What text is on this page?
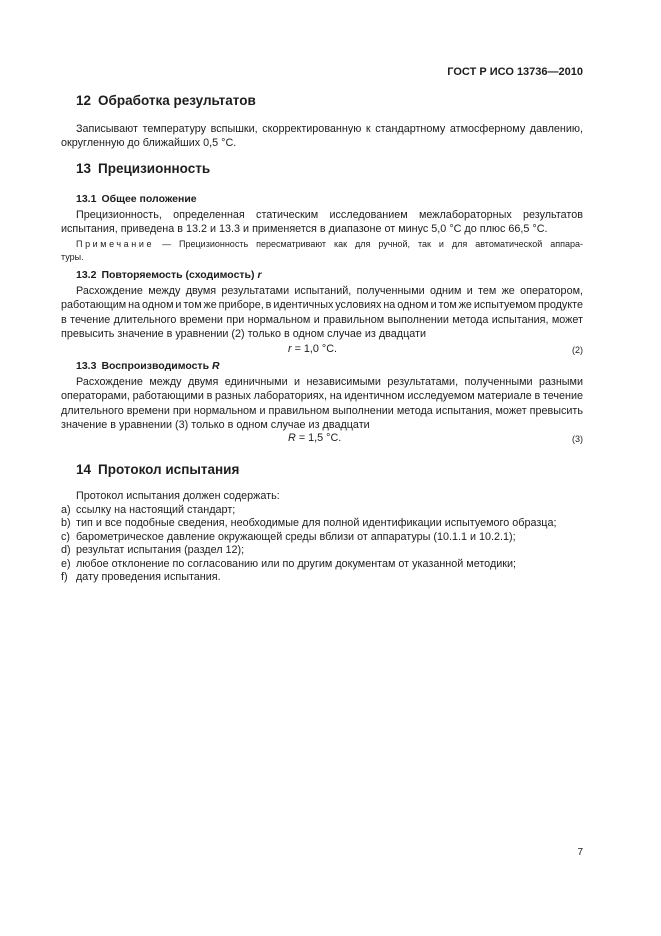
ГОСТ Р ИСО 13736—2010
12 Обработка результатов
Записывают температуру вспышки, скорректированную к стандартному атмосферному давлению,
округленную до ближайших 0,5 °C.
13 Прецизионность
13.1 Общее положение
Прецизионность, определенная статическим исследованием межлабораторных результатов
испытания, приведена в 13.2 и 13.3 и применяется в диапазоне от минус 5,0 °C до плюс 66,5 °C.
Примечание — Прецизионность пересматривают как для ручной, так и для автоматической аппара-
туры.
13.2 Повторяемость (сходимость) r
Расхождение между двумя результатами испытаний, полученными одним и тем же оператором,
работающим на одном и том же приборе, в идентичных условиях на одном и том же испытуемом продукте
в течение длительного времени при нормальном и правильном выполнении метода испытания, может
превысить значение в уравнении (2) только в одном случае из двадцати
r = 1,0 °C.	(2)
13.3 Воспроизводимость R
Расхождение между двумя единичными и независимыми результатами, полученными разными
операторами, работающими в разных лабораториях, на идентичном исследуемом материале в течение
длительного времени при нормальном и правильном выполнении метода испытания, может превысить
значение в уравнении (3) только в одном случае из двадцати
R = 1,5 °C.	(3)
14 Протокол испытания
Протокол испытания должен содержать:
a) ссылку на настоящий стандарт;
b) тип и все подобные сведения, необходимые для полной идентификации испытуемого образца;
c) барометрическое давление окружающей среды вблизи от аппаратуры (10.1.1 и 10.2.1);
d) результат испытания (раздел 12);
e) любое отклонение по согласованию или по другим документам от указанной методики;
f) дату проведения испытания.
7
